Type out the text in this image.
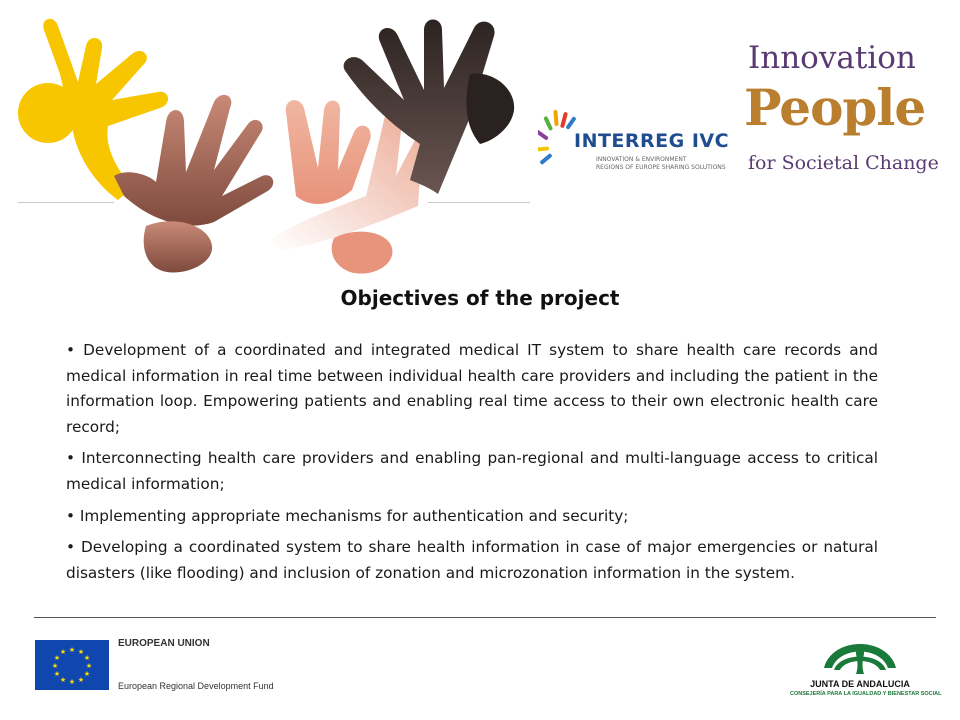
INTERREG IVC
INNOVATION & ENVIRONMENT
REGIONS OF EUROPE SHARING SOLUTIONS
Innovation
People
for Societal Change
Objectives of the project
• Development of a coordinated and integrated medical IT system to share health care records and medical information in real time between individual health care providers and including the patient in the information loop. Empowering patients and enabling real time access to their own electronic health care record;
• Interconnecting health care providers and enabling pan-regional and multi-language access to critical medical information;
• Implementing appropriate mechanisms for authentication and security;
• Developing a coordinated system to share health information in case of major emergencies or natural disasters (like flooding) and inclusion of zonation and microzonation information in the system.
★ ★
★
★
★
★
★
★
★
★
★
★
EUROPEAN UNION
European Regional Development Fund	JUNTA DE ANDALUCIA
CONSEJERÍA PARA LA IGUALDAD Y BIENESTAR SOCIAL
